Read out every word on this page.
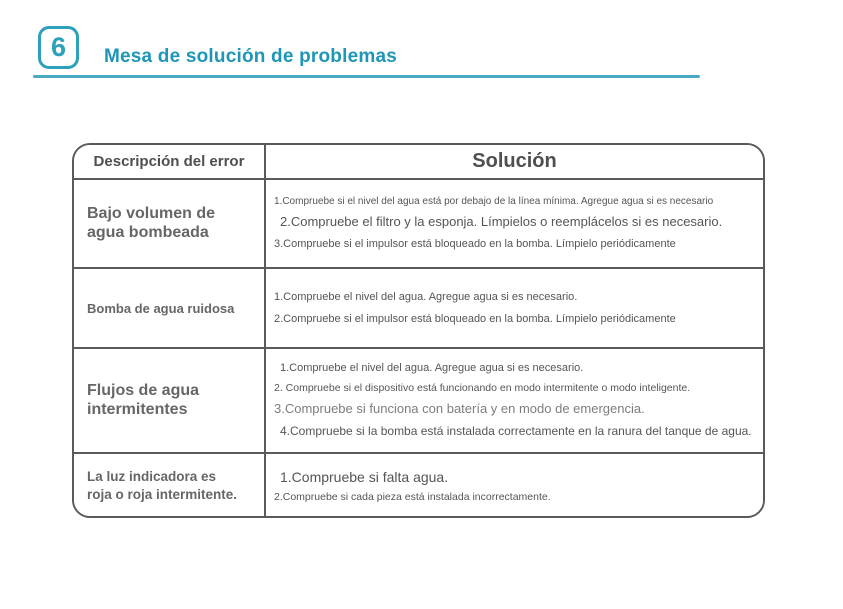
6 Mesa de solución de problemas
Descripción del error	Solución
Bajo volumen de agua bombeada
1.Compruebe si el nivel del agua está por debajo de la línea mínima. Agregue agua si es necesario
2.Compruebe el filtro y la esponja. Límpielos o reemplácelos si es necesario.
3.Compruebe si el impulsor está bloqueado en la bomba. Límpielo periódicamente
Bomba de agua ruidosa
1.Compruebe el nivel del agua. Agregue agua si es necesario.
2.Compruebe si el impulsor está bloqueado en la bomba. Límpielo periódicamente
Flujos de agua intermitentes
1.Compruebe el nivel del agua. Agregue agua si es necesario.
2. Compruebe si el dispositivo está funcionando en modo intermitente o modo inteligente.
3.Compruebe si funciona con batería y en modo de emergencia.
4.Compruebe si la bomba está instalada correctamente en la ranura del tanque de agua.
La luz indicadora es roja o roja intermitente.
1.Compruebe si falta agua.
2.Compruebe si cada pieza está instalada incorrectamente.
